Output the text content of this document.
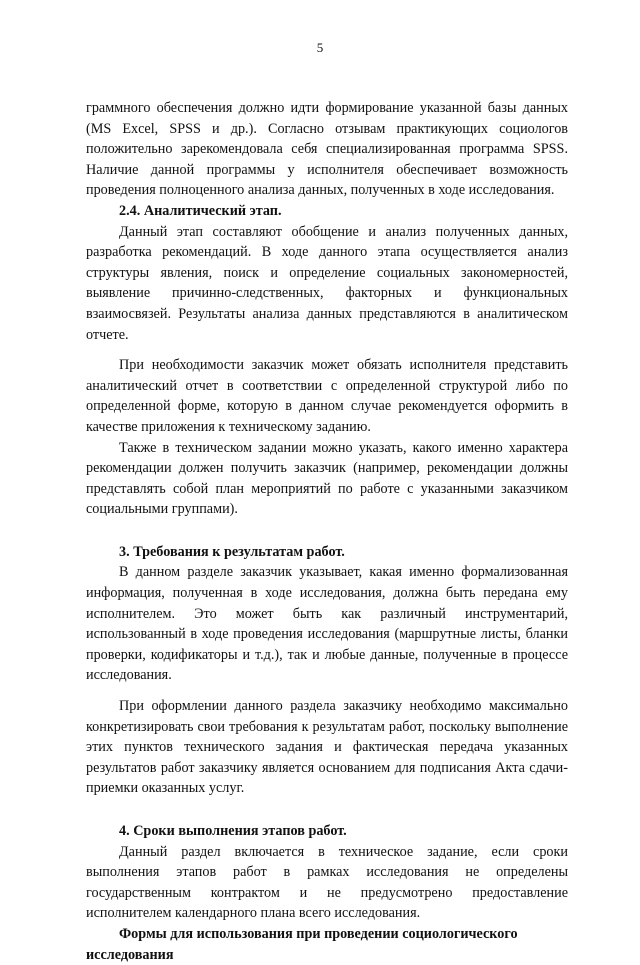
5

граммного обеспечения должно идти формирование указанной базы данных (MS Excel, SPSS и др.). Согласно отзывам практикующих социологов положительно зарекомендовала себя специализированная программа SPSS. Наличие данной программы у исполнителя обеспечивает возможность проведения полноценного анализа данных, полученных в ходе исследования.

2.4. Аналитический этап.

Данный этап составляют обобщение и анализ полученных данных, разработка рекомендаций. В ходе данного этапа осуществляется анализ структуры явления, поиск и определение социальных закономерностей, выявление причинно-следственных, факторных и функциональных взаимосвязей. Результаты анализа данных представляются в аналитическом отчете.

При необходимости заказчик может обязать исполнителя представить аналитический отчет в соответствии с определенной структурой либо по определенной форме, которую в данном случае рекомендуется оформить в качестве приложения к техническому заданию.

Также в техническом задании можно указать, какого именно характера рекомендации должен получить заказчик (например, рекомендации должны представлять собой план мероприятий по работе с указанными заказчиком социальными группами).

3. Требования к результатам работ.

В данном разделе заказчик указывает, какая именно формализованная информация, полученная в ходе исследования, должна быть передана ему исполнителем. Это может быть как различный инструментарий, использованный в ходе проведения исследования (маршрутные листы, бланки проверки, кодификаторы и т.д.), так и любые данные, полученные в процессе исследования.

При оформлении данного раздела заказчику необходимо максимально конкретизировать свои требования к результатам работ, поскольку выполнение этих пунктов технического задания и фактическая передача указанных результатов работ заказчику является основанием для подписания Акта сдачи-приемки оказанных услуг.

4. Сроки выполнения этапов работ.

Данный раздел включается в техническое задание, если сроки выполнения этапов работ в рамках исследования не определены государственным контрактом и не предусмотрено предоставление исполнителем календарного плана всего исследования.

Формы для использования при проведении социологического
исследования
